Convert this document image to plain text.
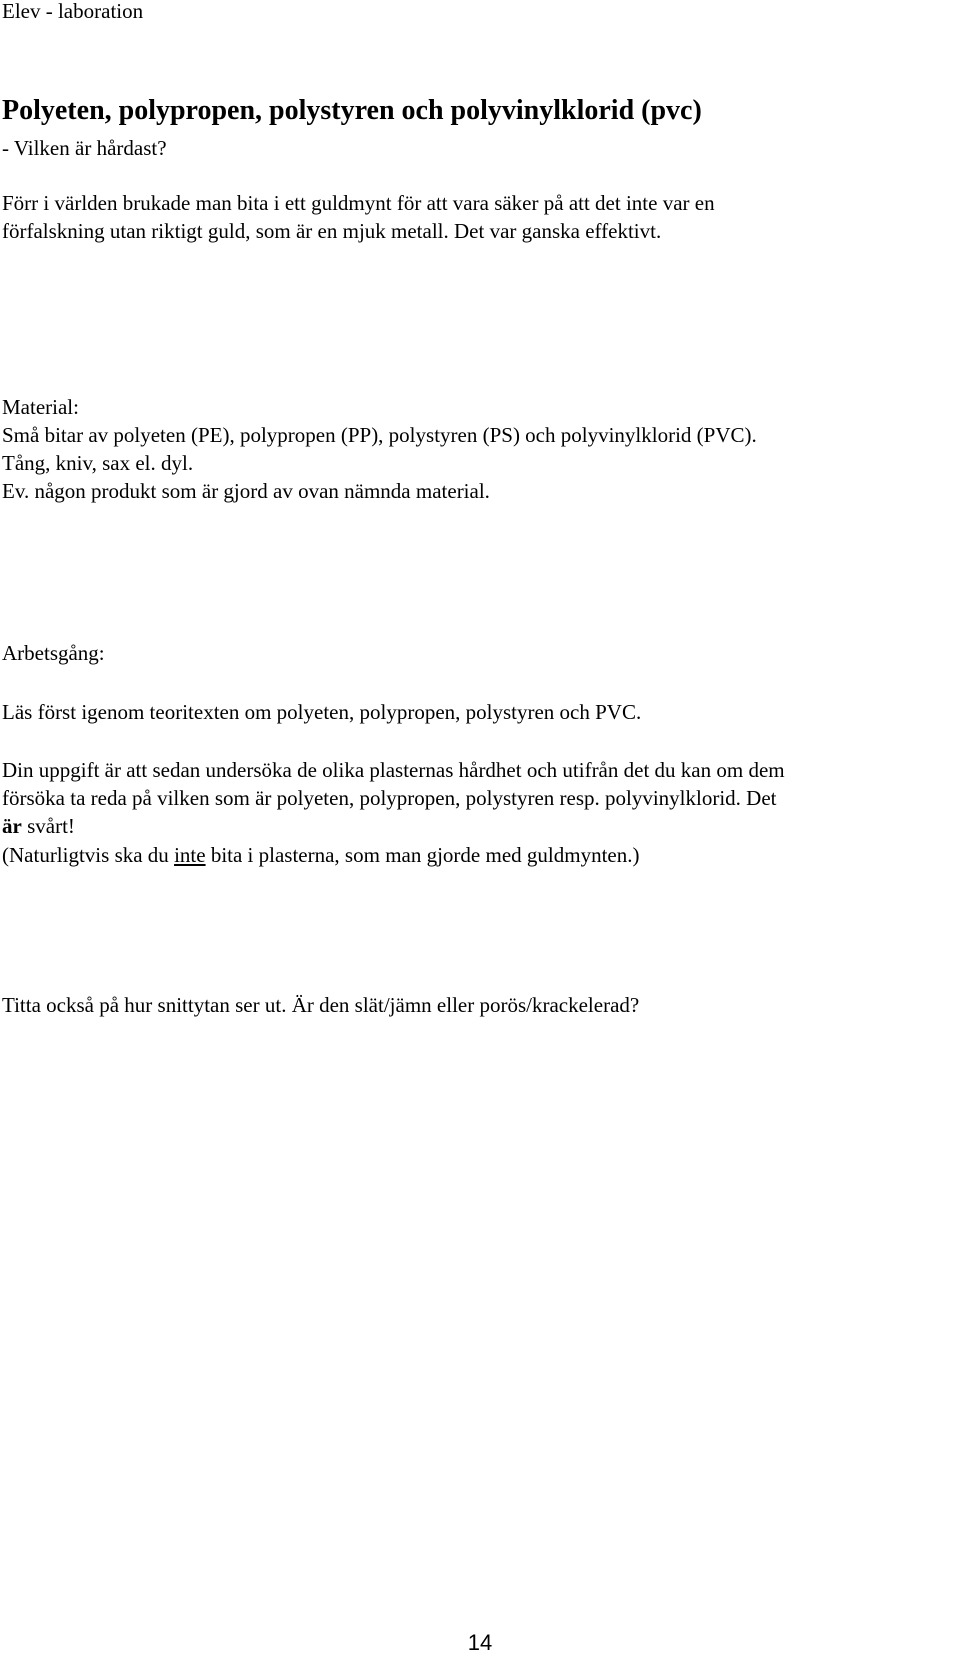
Elev - laboration

Polyeten, polypropen, polystyren och polyvinylklorid (pvc)

- Vilken är hårdast?

Förr i världen brukade man bita i ett guldmynt för att vara säker på att det inte var en

förfalskning utan riktigt guld, som är en mjuk metall. Det var ganska effektivt.

Material:

Små bitar av polyeten (PE), polypropen (PP), polystyren (PS) och polyvinylklorid (PVC).

Tång, kniv, sax el. dyl.

Ev. någon produkt som är gjord av ovan nämnda material.

Arbetsgång:

Läs först igenom teoritexten om polyeten, polypropen, polystyren och PVC.

Din uppgift är att sedan undersöka de olika plasternas hårdhet och utifrån det du kan om dem

försöka ta reda på vilken som är polyeten, polypropen, polystyren resp. polyvinylklorid. Det

är svårt!

(Naturligtvis ska du inte bita i plasterna, som man gjorde med guldmynten.)

Titta också på hur snittytan ser ut. Är den slät/jämn eller porös/krackelerad?

14
